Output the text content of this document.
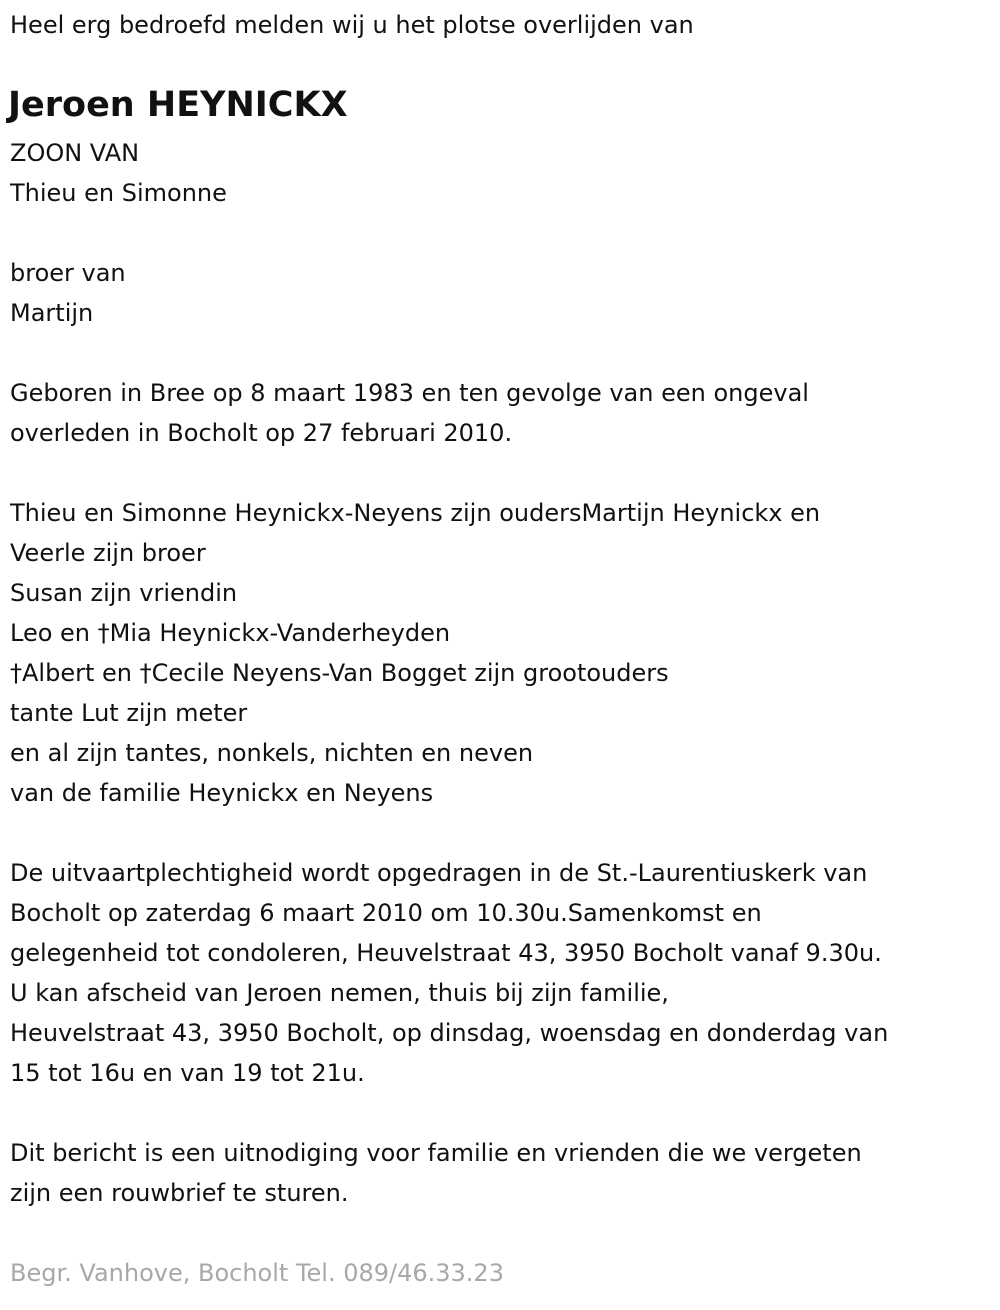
Heel erg bedroefd melden wij u het plotse overlijden van
Jeroen HEYNICKX
ZOON VAN
Thieu en Simonne
broer van
Martijn
Geboren in Bree op 8 maart 1983 en ten gevolge van een ongeval
overleden in Bocholt op 27 februari 2010.
Thieu en Simonne Heynickx-Neyens zijn oudersMartijn Heynickx en
Veerle zijn broer
Susan zijn vriendin
Leo en †Mia Heynickx-Vanderheyden
†Albert en †Cecile Neyens-Van Bogget zijn grootouders
tante Lut zijn meter
en al zijn tantes, nonkels, nichten en neven
van de familie Heynickx en Neyens
De uitvaartplechtigheid wordt opgedragen in de St.-Laurentiuskerk van
Bocholt op zaterdag 6 maart 2010 om 10.30u.Samenkomst en
gelegenheid tot condoleren, Heuvelstraat 43, 3950 Bocholt vanaf 9.30u.
U kan afscheid van Jeroen nemen, thuis bij zijn familie,
Heuvelstraat 43, 3950 Bocholt, op dinsdag, woensdag en donderdag van
15 tot 16u en van 19 tot 21u.
Dit bericht is een uitnodiging voor familie en vrienden die we vergeten
zijn een rouwbrief te sturen.
Begr. Vanhove, Bocholt Tel. 089/46.33.23
